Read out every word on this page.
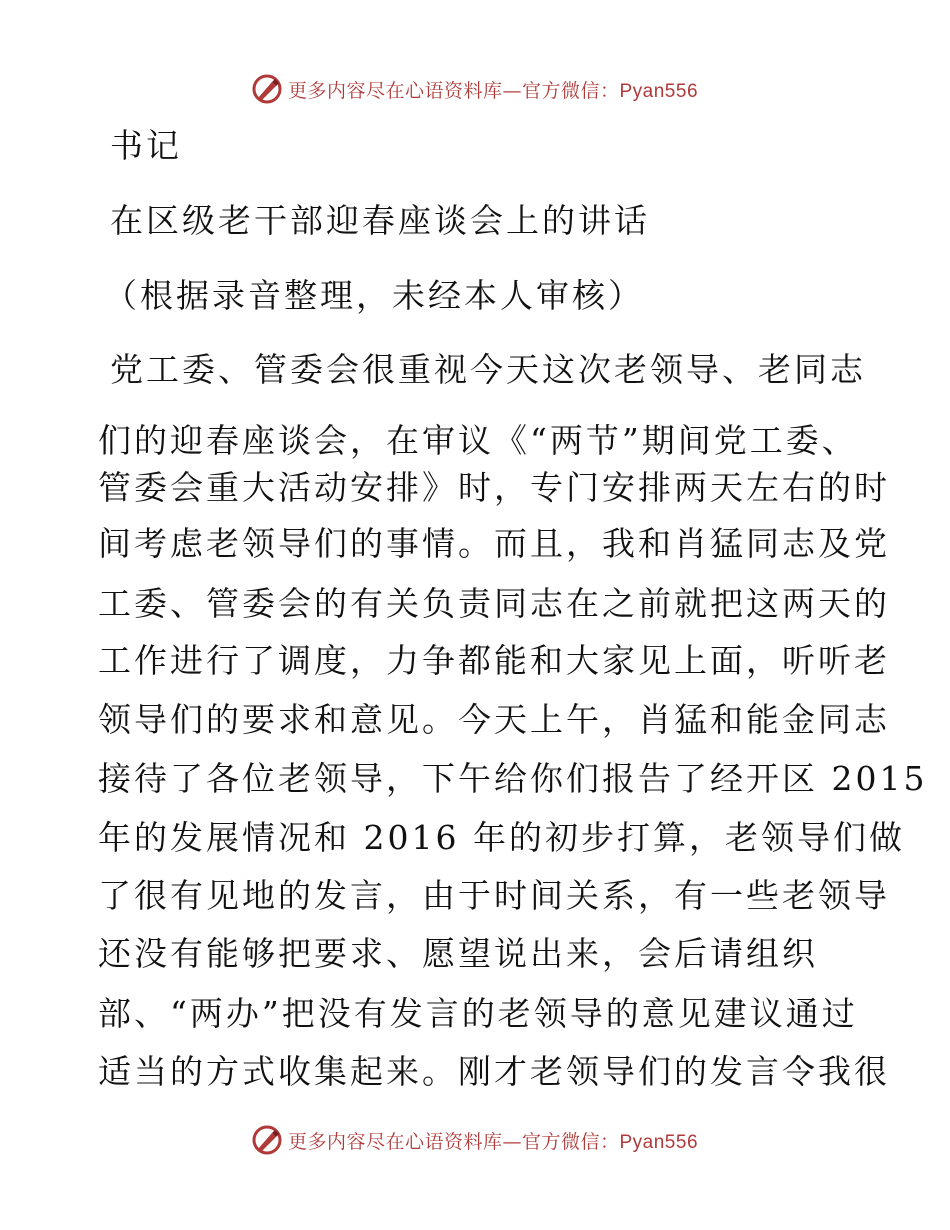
更多内容尽在心语资料库—官方微信：Pyan556
书记
在区级老干部迎春座谈会上的讲话
（根据录音整理，未经本人审核）
党工委、管委会很重视今天这次老领导、老同志
们的迎春座谈会，在审议《“两节”期间党工委、
管委会重大活动安排》时，专门安排两天左右的时
间考虑老领导们的事情。而且，我和肖猛同志及党
工委、管委会的有关负责同志在之前就把这两天的
工作进行了调度，力争都能和大家见上面，听听老
领导们的要求和意见。今天上午，肖猛和能金同志
接待了各位老领导，下午给你们报告了经开区 2015
年的发展情况和 2016 年的初步打算，老领导们做
了很有见地的发言，由于时间关系，有一些老领导
还没有能够把要求、愿望说出来，会后请组织
部、“两办”把没有发言的老领导的意见建议通过
适当的方式收集起来。刚才老领导们的发言令我很
更多内容尽在心语资料库—官方微信：Pyan556
